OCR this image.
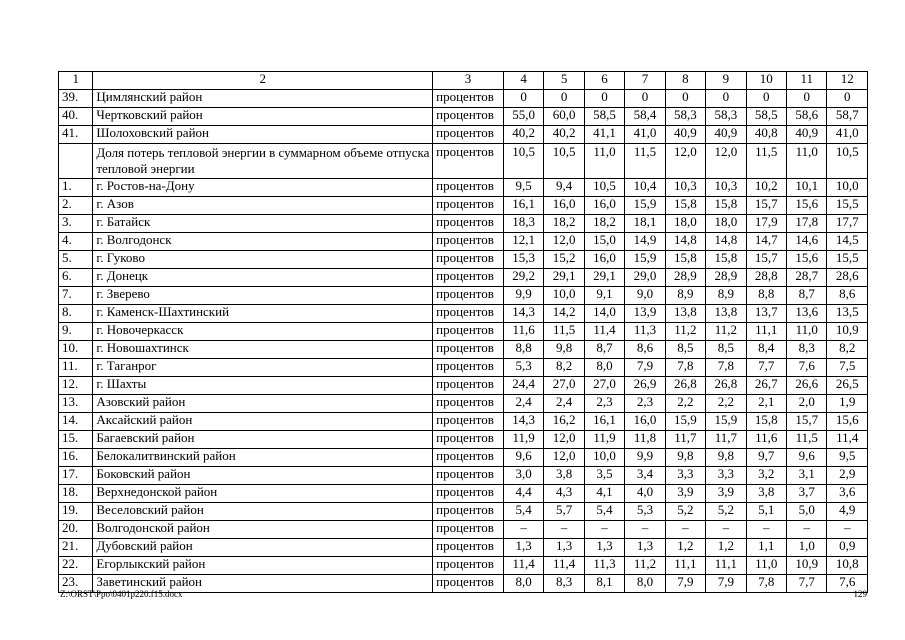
1	2	3	4	5	6	7	8	9	10	11	12
39.	Цимлянский район	процентов	0	0	0	0	0	0	0	0	0
40.	Чертковский район	процентов	55,0	60,0	58,5	58,4	58,3	58,3	58,5	58,6	58,7
41.	Шолоховский район	процентов	40,2	40,2	41,1	41,0	40,9	40,9	40,8	40,9	41,0
	Доля потерь тепловой энергии в суммарном объеме отпуска тепловой энергии	процентов	10,5	10,5	11,0	11,5	12,0	12,0	11,5	11,0	10,5
1.	г. Ростов-на-Дону	процентов	9,5	9,4	10,5	10,4	10,3	10,3	10,2	10,1	10,0
2.	г. Азов	процентов	16,1	16,0	16,0	15,9	15,8	15,8	15,7	15,6	15,5
3.	г. Батайск	процентов	18,3	18,2	18,2	18,1	18,0	18,0	17,9	17,8	17,7
4.	г. Волгодонск	процентов	12,1	12,0	15,0	14,9	14,8	14,8	14,7	14,6	14,5
5.	г. Гуково	процентов	15,3	15,2	16,0	15,9	15,8	15,8	15,7	15,6	15,5
6.	г. Донецк	процентов	29,2	29,1	29,1	29,0	28,9	28,9	28,8	28,7	28,6
7.	г. Зверево	процентов	9,9	10,0	9,1	9,0	8,9	8,9	8,8	8,7	8,6
8.	г. Каменск-Шахтинский	процентов	14,3	14,2	14,0	13,9	13,8	13,8	13,7	13,6	13,5
9.	г. Новочеркасск	процентов	11,6	11,5	11,4	11,3	11,2	11,2	11,1	11,0	10,9
10.	г. Новошахтинск	процентов	8,8	9,8	8,7	8,6	8,5	8,5	8,4	8,3	8,2
11.	г. Таганрог	процентов	5,3	8,2	8,0	7,9	7,8	7,8	7,7	7,6	7,5
12.	г. Шахты	процентов	24,4	27,0	27,0	26,9	26,8	26,8	26,7	26,6	26,5
13.	Азовский район	процентов	2,4	2,4	2,3	2,3	2,2	2,2	2,1	2,0	1,9
14.	Аксайский район	процентов	14,3	16,2	16,1	16,0	15,9	15,9	15,8	15,7	15,6
15.	Багаевский район	процентов	11,9	12,0	11,9	11,8	11,7	11,7	11,6	11,5	11,4
16.	Белокалитвинский район	процентов	9,6	12,0	10,0	9,9	9,8	9,8	9,7	9,6	9,5
17.	Боковский район	процентов	3,0	3,8	3,5	3,4	3,3	3,3	3,2	3,1	2,9
18.	Верхнедонской район	процентов	4,4	4,3	4,1	4,0	3,9	3,9	3,8	3,7	3,6
19.	Веселовский район	процентов	5,4	5,7	5,4	5,3	5,2	5,2	5,1	5,0	4,9
20.	Волгодонской район	процентов	–	–	–	–	–	–	–	–	–
21.	Дубовский район	процентов	1,3	1,3	1,3	1,3	1,2	1,2	1,1	1,0	0,9
22.	Егорлыкский район	процентов	11,4	11,4	11,3	11,2	11,1	11,1	11,0	10,9	10,8
23.	Заветинский район	процентов	8,0	8,3	8,1	8,0	7,9	7,9	7,8	7,7	7,6
Z:\ORST\Ppo\0401p220.f15.docx	129
